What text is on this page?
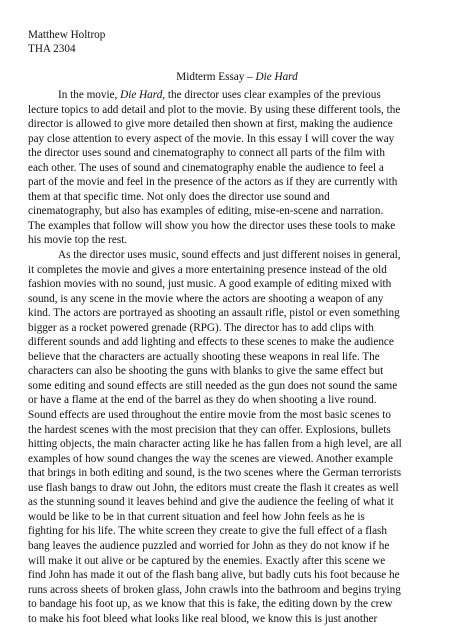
Matthew Holtrop
THA 2304
Midterm Essay – Die Hard
In the movie, Die Hard, the director uses clear examples of the previous
lecture topics to add detail and plot to the movie. By using these different tools, the
director is allowed to give more detailed then shown at first, making the audience
pay close attention to every aspect of the movie. In this essay I will cover the way
the director uses sound and cinematography to connect all parts of the film with
each other. The uses of sound and cinematography enable the audience to feel a
part of the movie and feel in the presence of the actors as if they are currently with
them at that specific time. Not only does the director use sound and
cinematography, but also has examples of editing, mise-en-scene and narration.
The examples that follow will show you how the director uses these tools to make
his movie top the rest.
As the director uses music, sound effects and just different noises in general,
it completes the movie and gives a more entertaining presence instead of the old
fashion movies with no sound, just music. A good example of editing mixed with
sound, is any scene in the movie where the actors are shooting a weapon of any
kind. The actors are portrayed as shooting an assault rifle, pistol or even something
bigger as a rocket powered grenade (RPG). The director has to add clips with
different sounds and add lighting and effects to these scenes to make the audience
believe that the characters are actually shooting these weapons in real life. The
characters can also be shooting the guns with blanks to give the same effect but
some editing and sound effects are still needed as the gun does not sound the same
or have a flame at the end of the barrel as they do when shooting a live round.
Sound effects are used throughout the entire movie from the most basic scenes to
the hardest scenes with the most precision that they can offer. Explosions, bullets
hitting objects, the main character acting like he has fallen from a high level, are all
examples of how sound changes the way the scenes are viewed. Another example
that brings in both editing and sound, is the two scenes where the German terrorists
use flash bangs to draw out John, the editors must create the flash it creates as well
as the stunning sound it leaves behind and give the audience the feeling of what it
would be like to be in that current situation and feel how John feels as he is
fighting for his life. The white screen they create to give the full effect of a flash
bang leaves the audience puzzled and worried for John as they do not know if he
will make it out alive or be captured by the enemies. Exactly after this scene we
find John has made it out of the flash bang alive, but badly cuts his foot because he
runs across sheets of broken glass, John crawls into the bathroom and begins trying
to bandage his foot up, as we know that this is fake, the editing down by the crew
to make his foot bleed what looks like real blood, we know this is just another
